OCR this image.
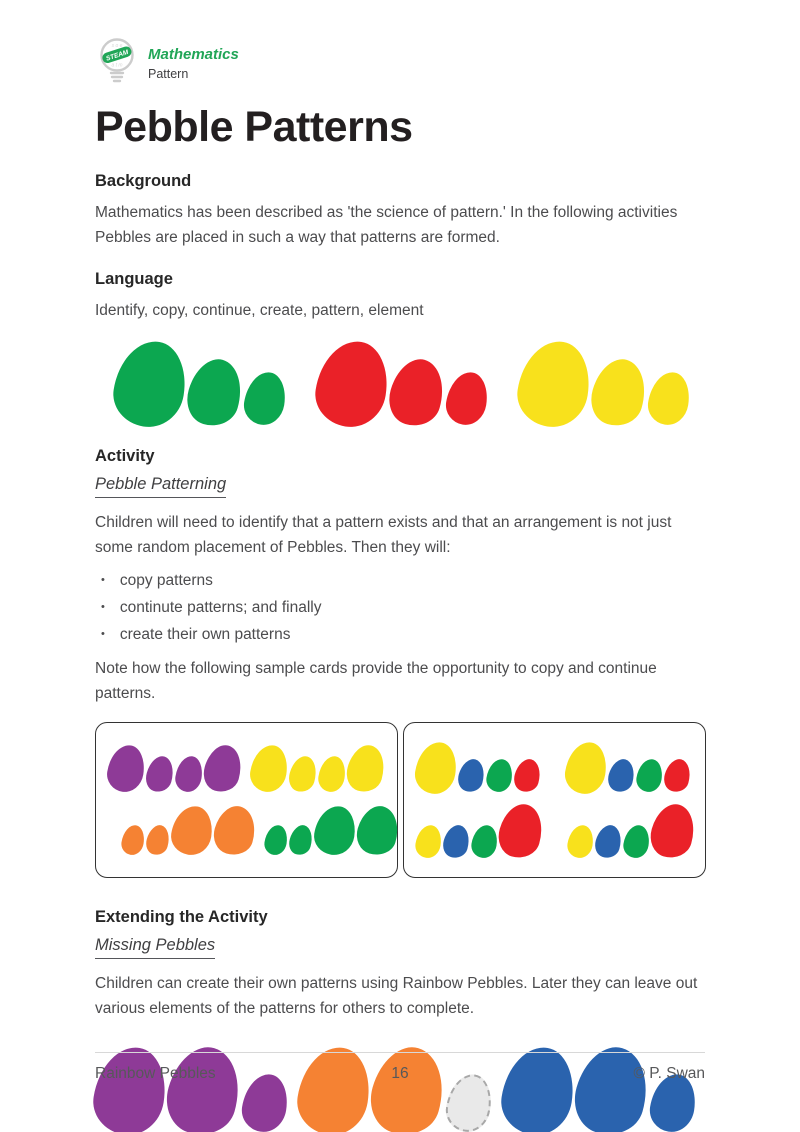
s o e
a t m
STEAM Mathematics
Pattern
Pebble Patterns
Background

Mathematics has been described as 'the science of pattern.' In the following activities Pebbles are placed in such a way that patterns are formed.

Language

Identify, copy, continue, create, pattern, element

Activity
Pebble Patterning

Children will need to identify that a pattern exists and that an arrangement is not just some random placement of Pebbles. Then they will:

• copy patterns
• continute patterns; and finally
• create their own patterns

Note how the following sample cards provide the opportunity to copy and continue patterns.

Extending the Activity
Missing Pebbles

Children can create their own patterns using Rainbow Pebbles. Later they can leave out various elements of the patterns for others to complete.

Rainbow Pebbles	16	© P. Swan
